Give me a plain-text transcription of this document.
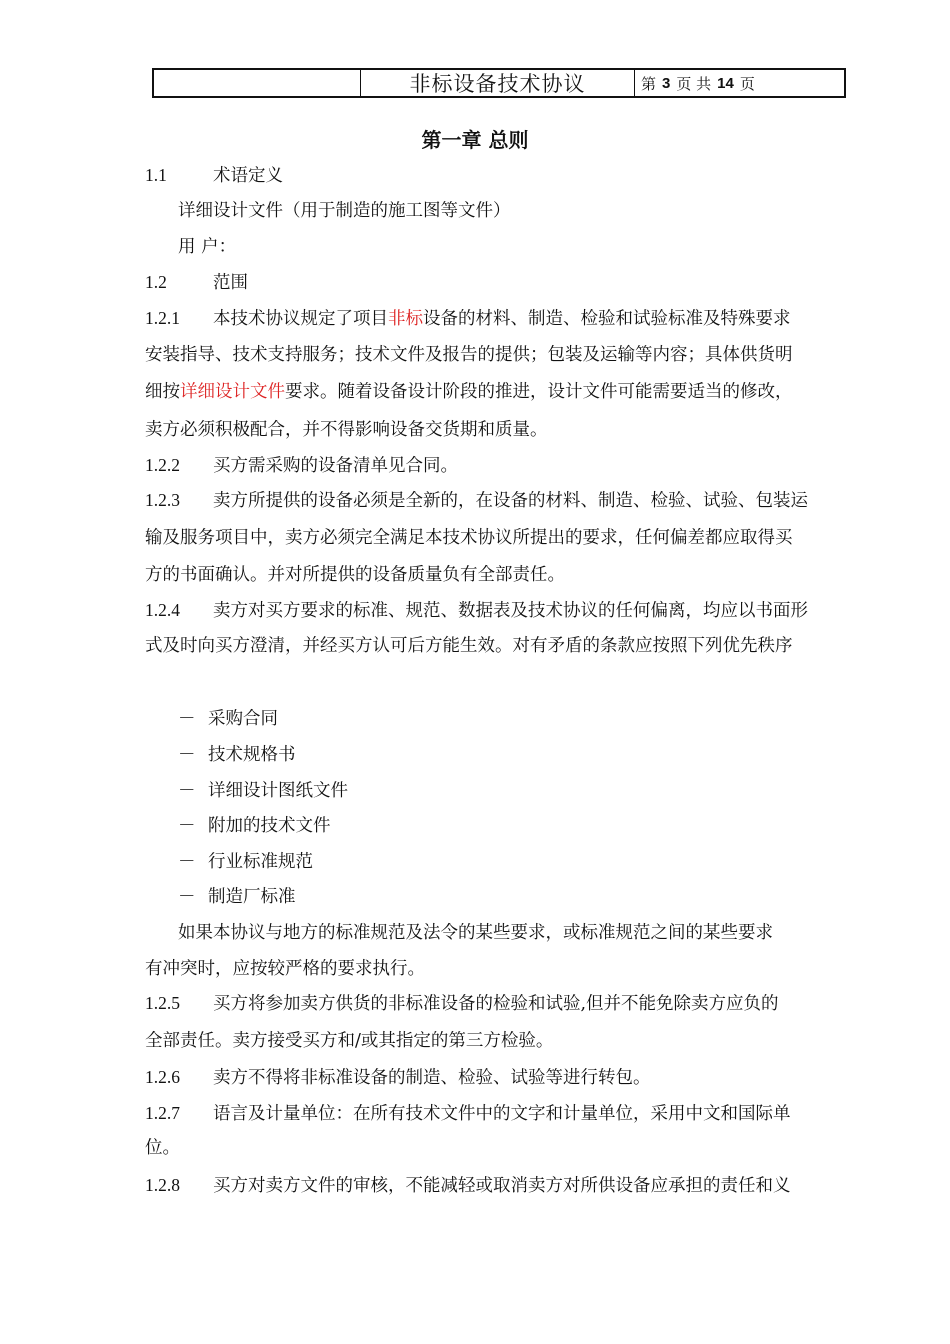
非标设备技术协议	第 3 页 共 14 页
第一章 总则
1.1	术语定义
详细设计文件（用于制造的施工图等文件）
用 户：
1.2	范围
1.2.1 本技术协议规定了项目非标设备的材料、制造、检验和试验标准及特殊要求
安装指导、技术支持服务；技术文件及报告的提供；包装及运输等内容；具体供货明
细按详细设计文件要求。随着设备设计阶段的推进，设计文件可能需要适当的修改，
卖方必须积极配合，并不得影响设备交货期和质量。
1.2.2 买方需采购的设备清单见合同。
1.2.3 卖方所提供的设备必须是全新的，在设备的材料、制造、检验、试验、包装运
输及服务项目中，卖方必须完全满足本技术协议所提出的要求，任何偏差都应取得买
方的书面确认。并对所提供的设备质量负有全部责任。
1.2.4 卖方对买方要求的标准、规范、数据表及技术协议的任何偏离，均应以书面形
式及时向买方澄清，并经买方认可后方能生效。对有矛盾的条款应按照下列优先秩序
－ 采购合同
－ 技术规格书
－ 详细设计图纸文件
－ 附加的技术文件
－ 行业标准规范
－ 制造厂标准
如果本协议与地方的标准规范及法令的某些要求，或标准规范之间的某些要求
有冲突时，应按较严格的要求执行。
1.2.5 买方将参加卖方供货的非标准设备的检验和试验,但并不能免除卖方应负的
全部责任。卖方接受买方和/或其指定的第三方检验。
1.2.6 卖方不得将非标准设备的制造、检验、试验等进行转包。
1.2.7 语言及计量单位：在所有技术文件中的文字和计量单位，采用中文和国际单
位。
1.2.8 买方对卖方文件的审核，不能减轻或取消卖方对所供设备应承担的责任和义
